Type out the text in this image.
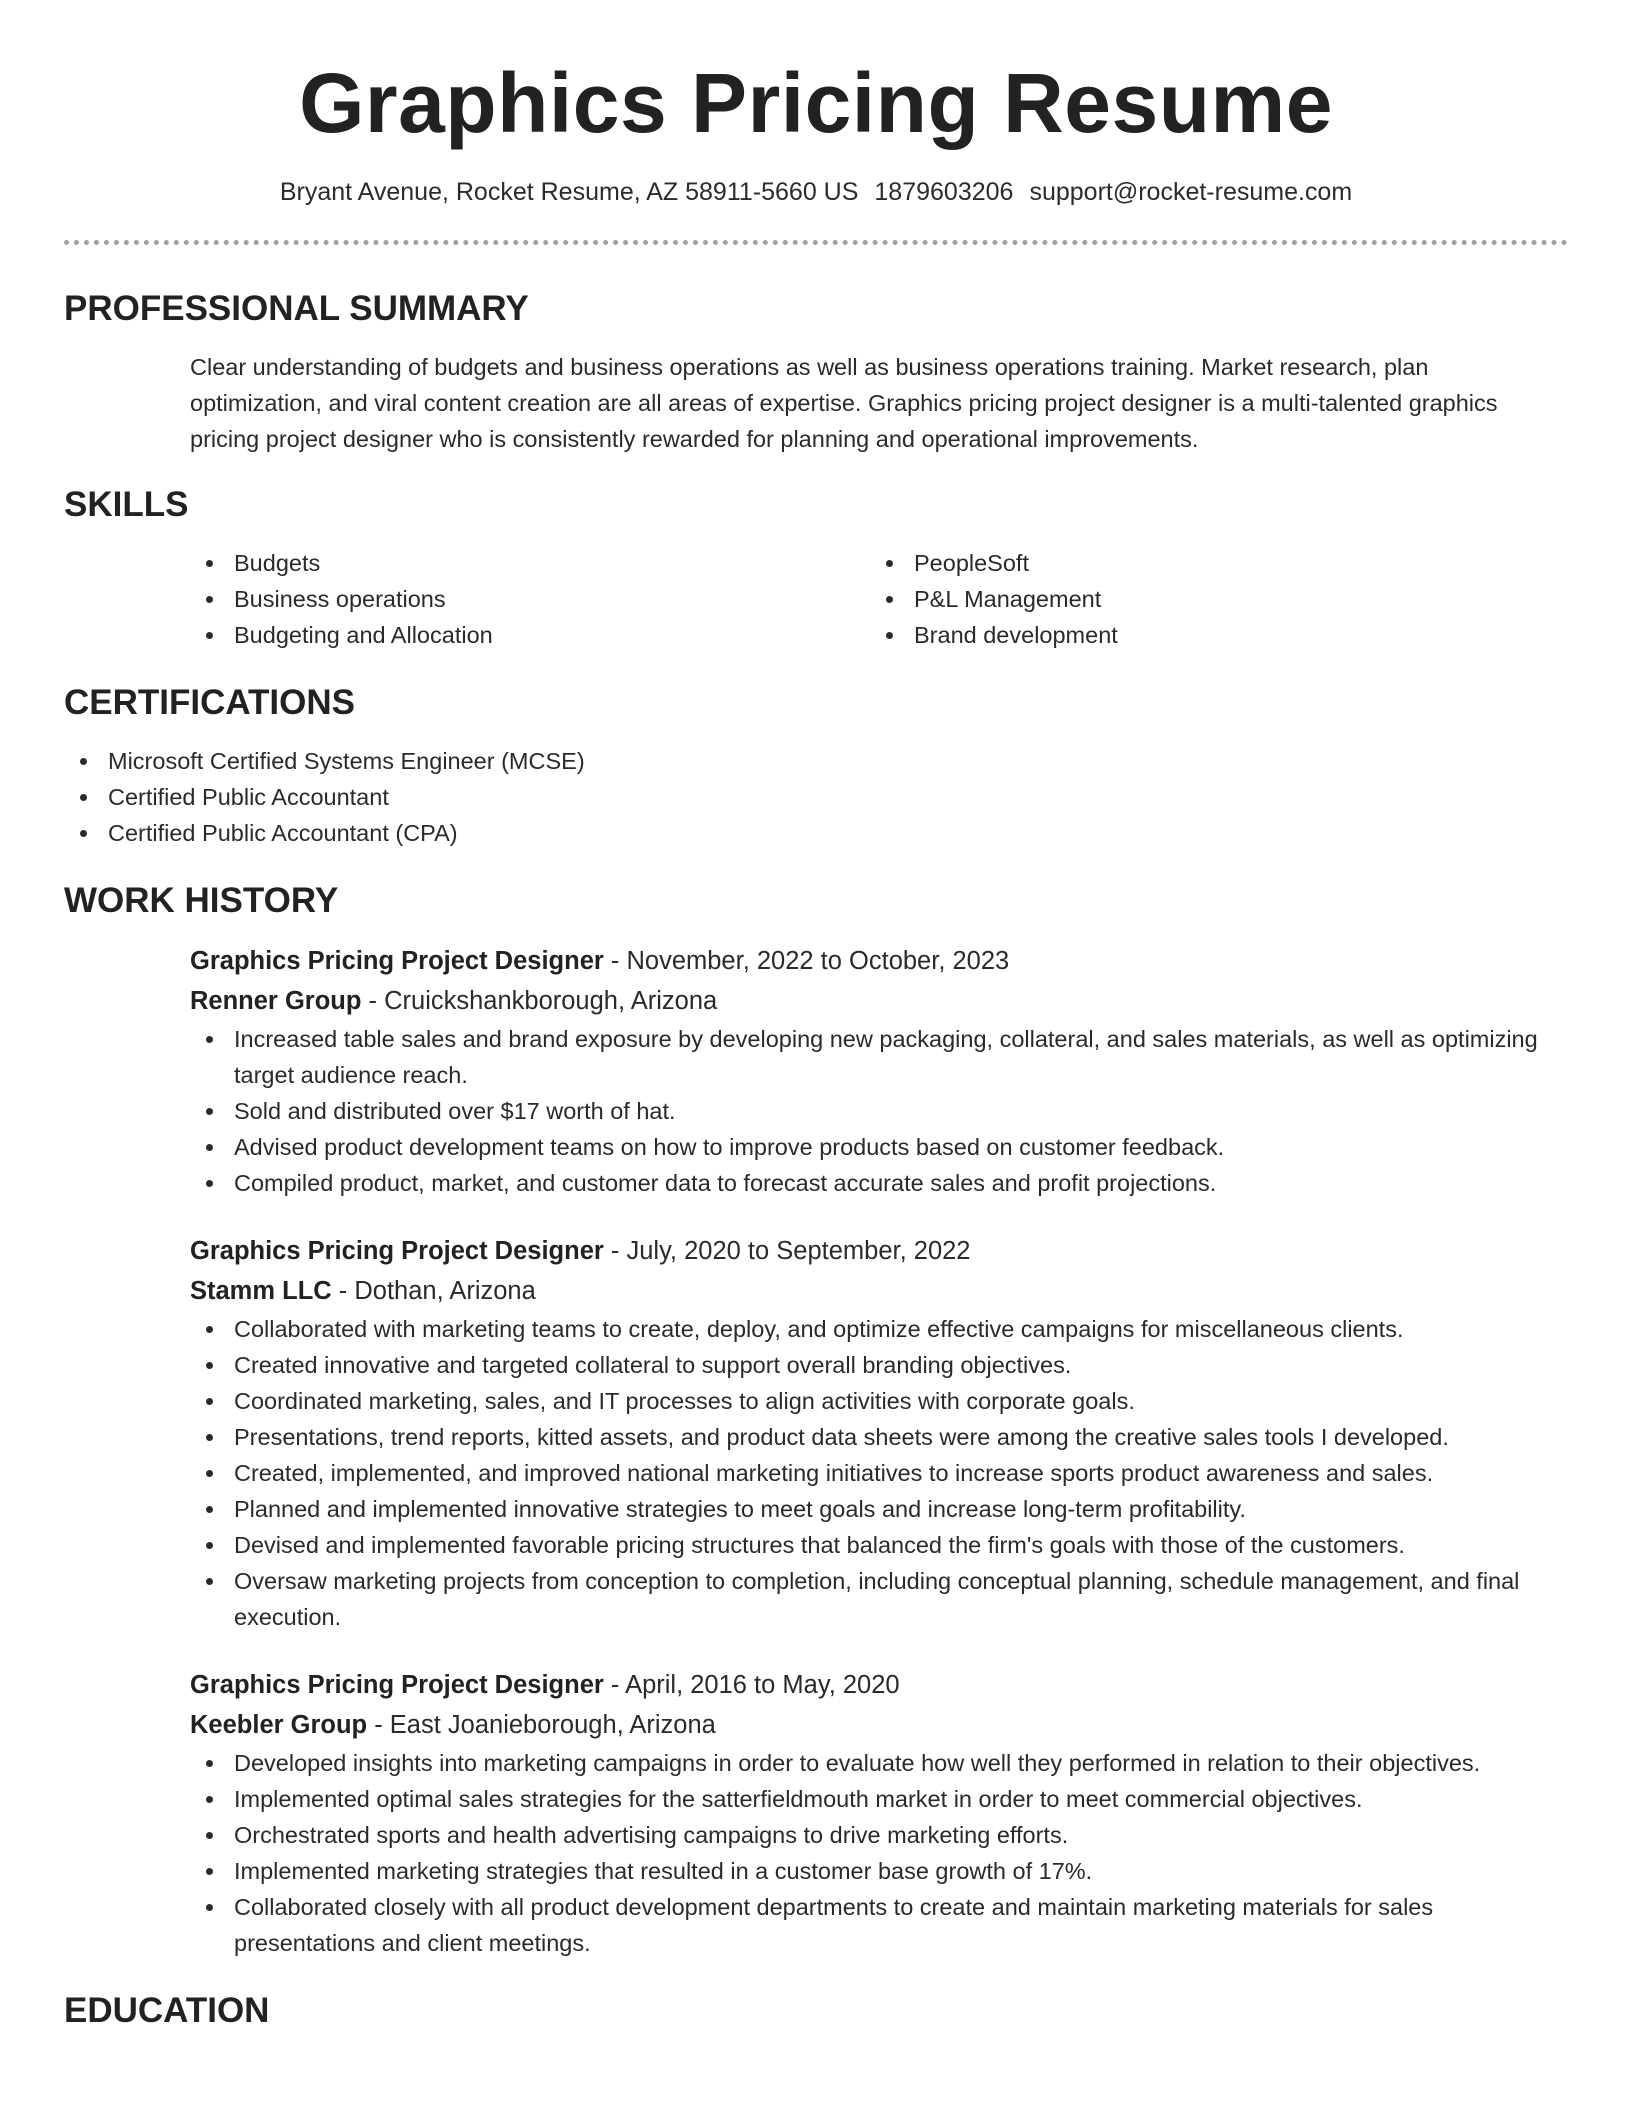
Graphics Pricing Resume
Bryant Avenue, Rocket Resume, AZ 58911-5660 US 1879603206 support@rocket-resume.com
PROFESSIONAL SUMMARY
Clear understanding of budgets and business operations as well as business operations training. Market research, plan optimization, and viral content creation are all areas of expertise. Graphics pricing project designer is a multi-talented graphics pricing project designer who is consistently rewarded for planning and operational improvements.
SKILLS
Budgets
Business operations
Budgeting and Allocation
PeopleSoft
P&L Management
Brand development
CERTIFICATIONS
Microsoft Certified Systems Engineer (MCSE)
Certified Public Accountant
Certified Public Accountant (CPA)
WORK HISTORY
Graphics Pricing Project Designer - November, 2022 to October, 2023
Renner Group - Cruickshankborough, Arizona
Increased table sales and brand exposure by developing new packaging, collateral, and sales materials, as well as optimizing target audience reach.
Sold and distributed over $17 worth of hat.
Advised product development teams on how to improve products based on customer feedback.
Compiled product, market, and customer data to forecast accurate sales and profit projections.
Graphics Pricing Project Designer - July, 2020 to September, 2022
Stamm LLC - Dothan, Arizona
Collaborated with marketing teams to create, deploy, and optimize effective campaigns for miscellaneous clients.
Created innovative and targeted collateral to support overall branding objectives.
Coordinated marketing, sales, and IT processes to align activities with corporate goals.
Presentations, trend reports, kitted assets, and product data sheets were among the creative sales tools I developed.
Created, implemented, and improved national marketing initiatives to increase sports product awareness and sales.
Planned and implemented innovative strategies to meet goals and increase long-term profitability.
Devised and implemented favorable pricing structures that balanced the firm's goals with those of the customers.
Oversaw marketing projects from conception to completion, including conceptual planning, schedule management, and final execution.
Graphics Pricing Project Designer - April, 2016 to May, 2020
Keebler Group - East Joanieborough, Arizona
Developed insights into marketing campaigns in order to evaluate how well they performed in relation to their objectives.
Implemented optimal sales strategies for the satterfieldmouth market in order to meet commercial objectives.
Orchestrated sports and health advertising campaigns to drive marketing efforts.
Implemented marketing strategies that resulted in a customer base growth of 17%.
Collaborated closely with all product development departments to create and maintain marketing materials for sales presentations and client meetings.
EDUCATION
